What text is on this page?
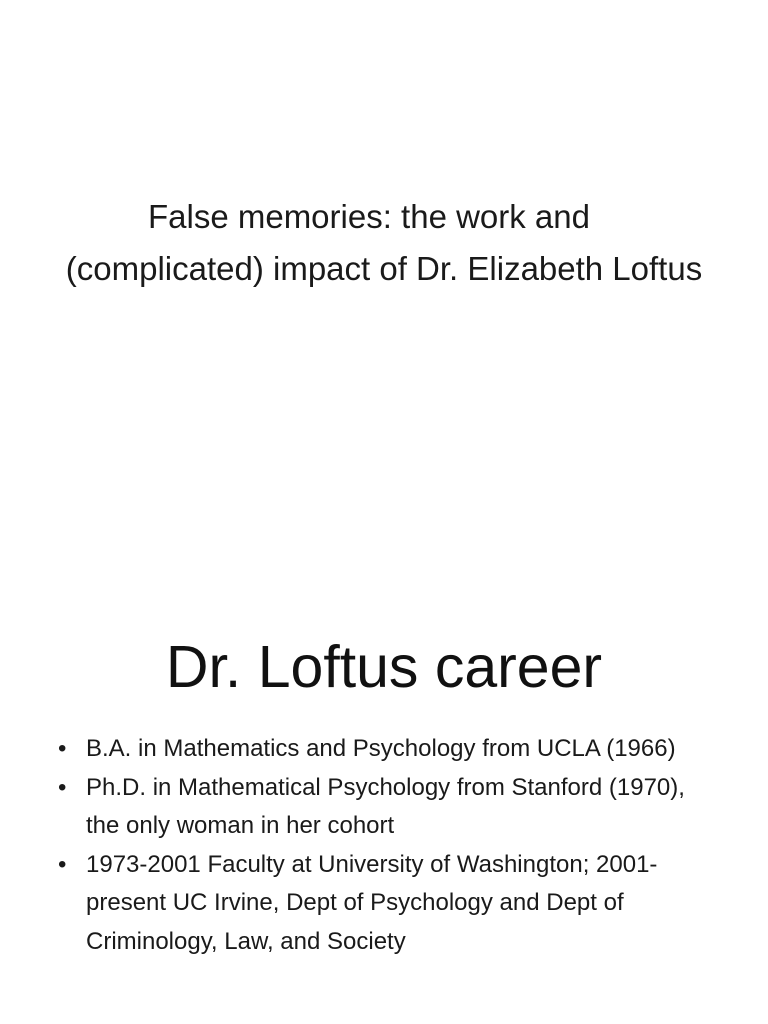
False memories: the work and
(complicated) impact of Dr. Elizabeth Loftus
Dr. Loftus career
• B.A. in Mathematics and Psychology from UCLA (1966)
• Ph.D. in Mathematical Psychology from Stanford (1970), the only woman in her cohort
• 1973-2001 Faculty at University of Washington; 2001-present UC Irvine, Dept of Psychology and Dept of Criminology, Law, and Society
